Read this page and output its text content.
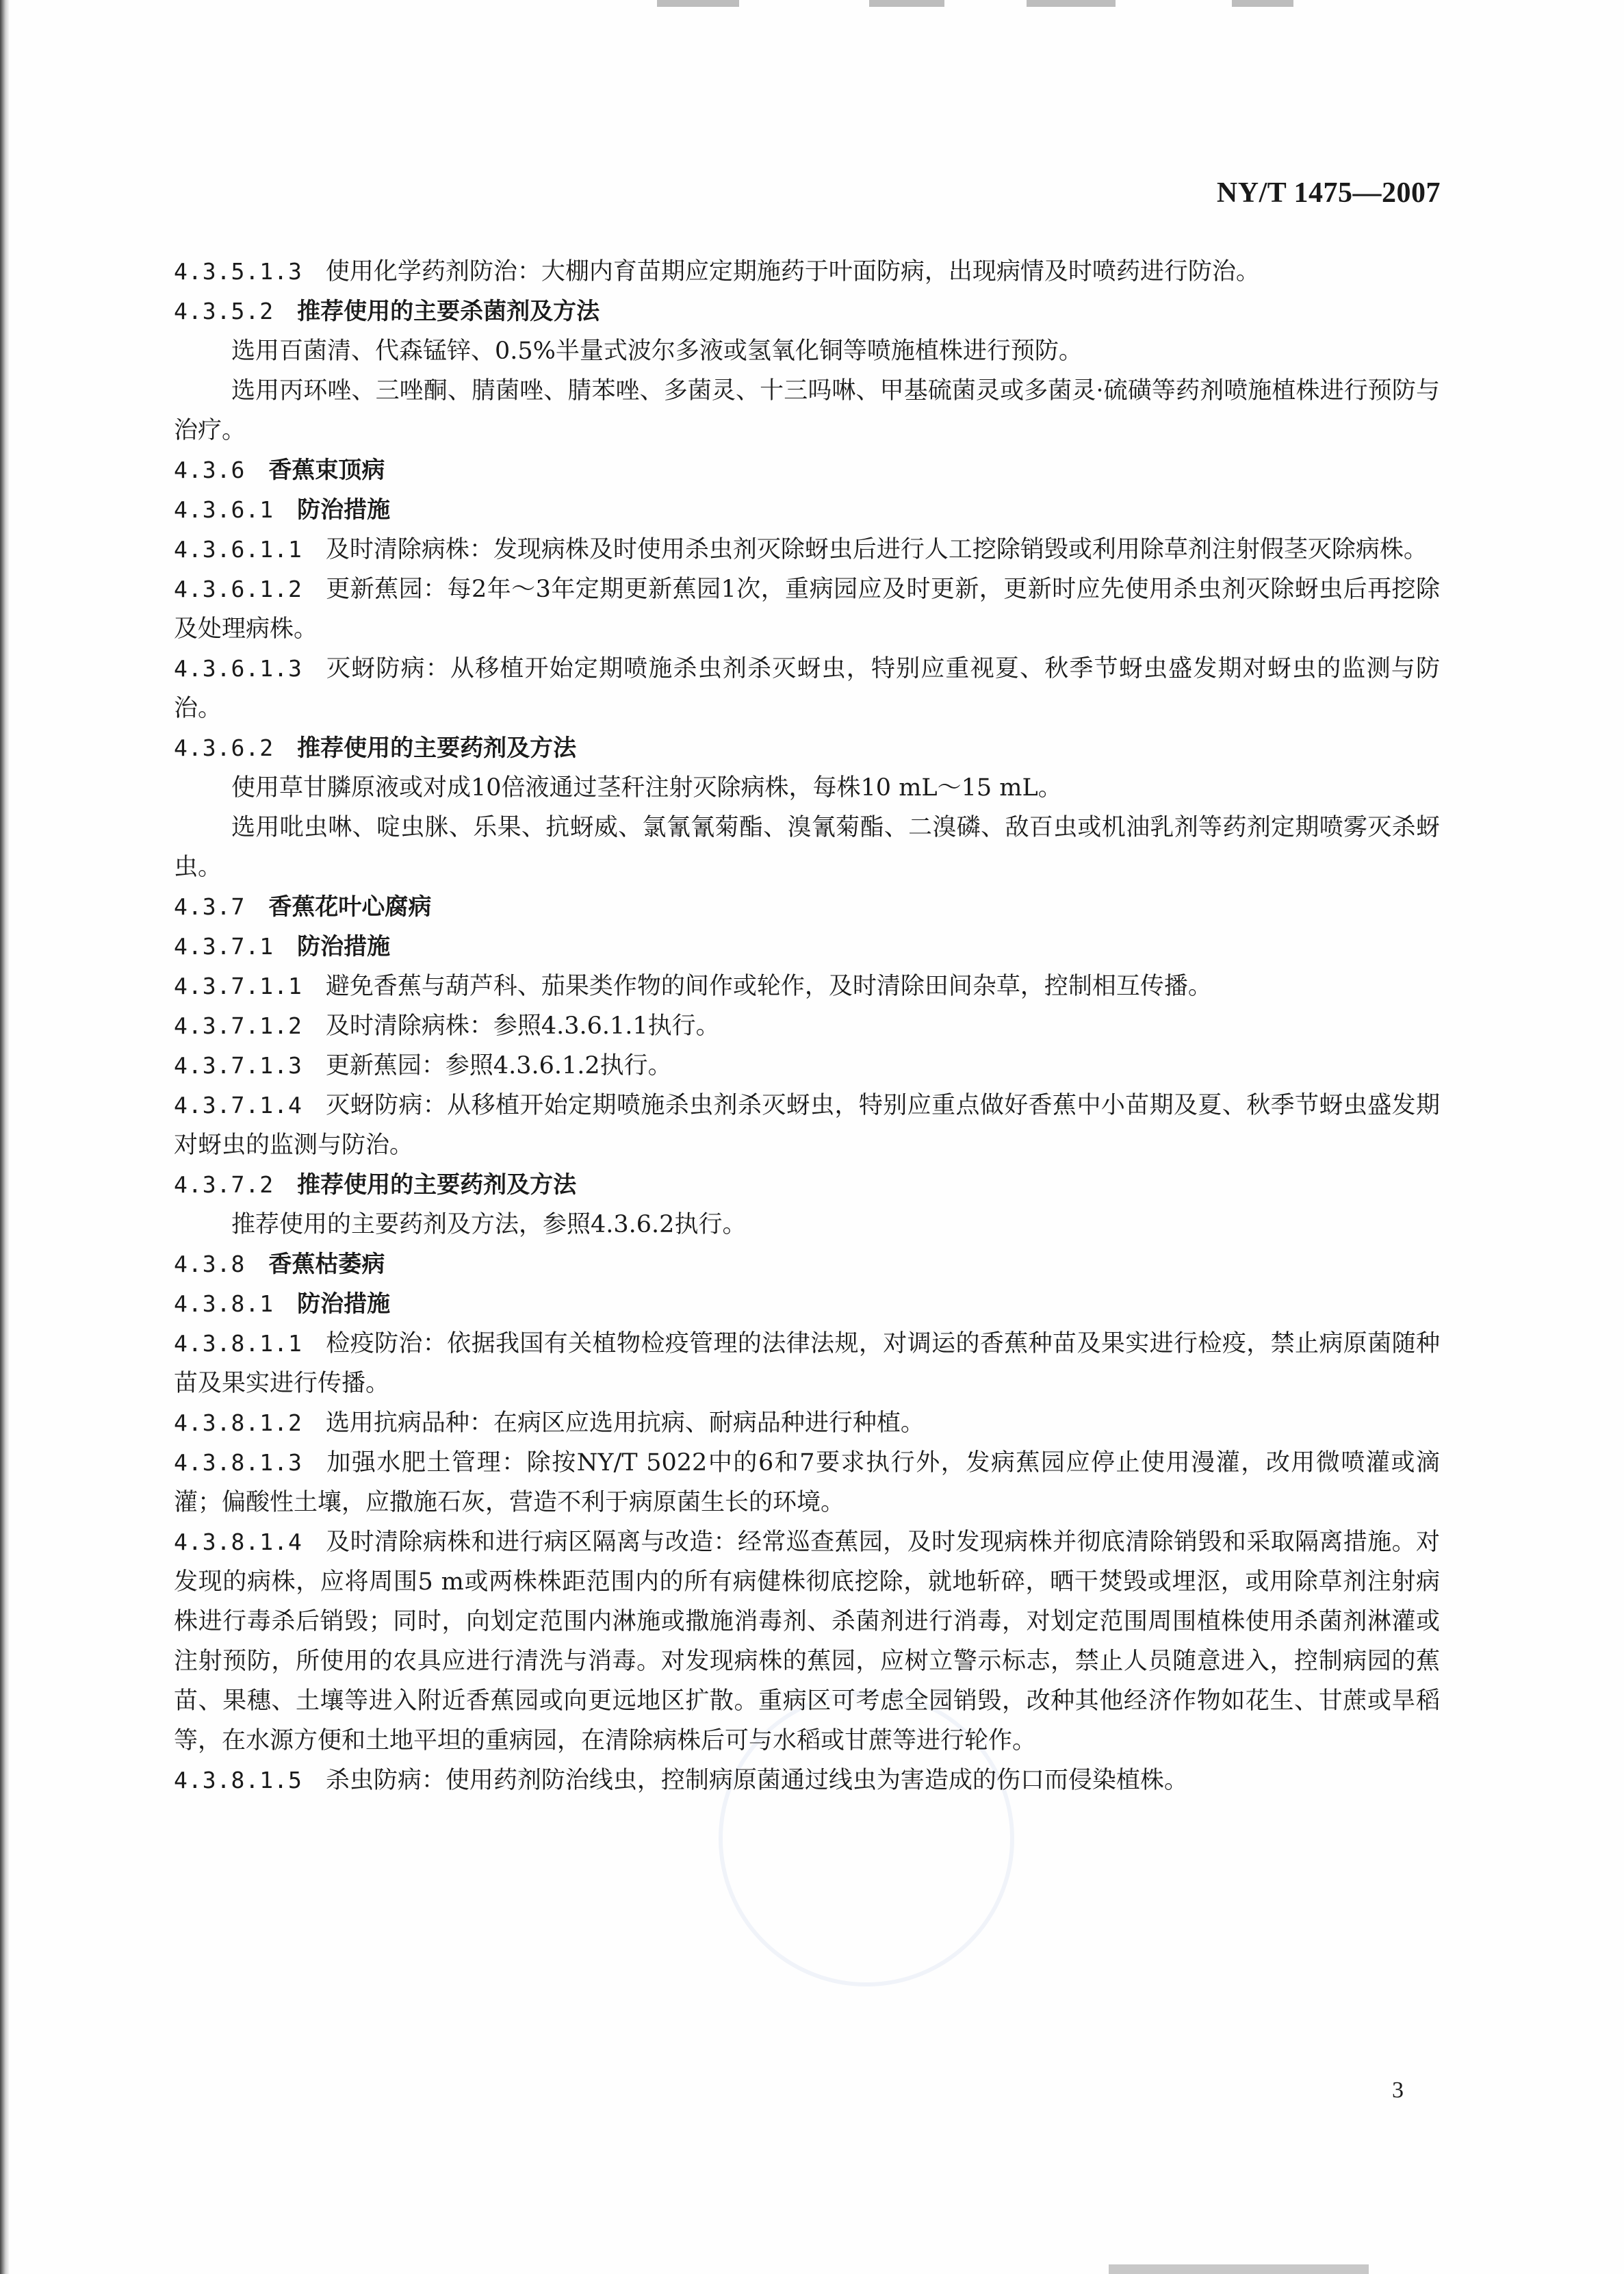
NY/T 1475—2007

4.3.5.1.3 使用化学药剂防治：大棚内育苗期应定期施药于叶面防病，出现病情及时喷药进行防治。

4.3.5.2 推荐使用的主要杀菌剂及方法

选用百菌清、代森锰锌、0.5%半量式波尔多液或氢氧化铜等喷施植株进行预防。

选用丙环唑、三唑酮、腈菌唑、腈苯唑、多菌灵、十三吗啉、甲基硫菌灵或多菌灵·硫磺等药剂喷施植株进行预防与治疗。

4.3.6 香蕉束顶病

4.3.6.1 防治措施

4.3.6.1.1 及时清除病株：发现病株及时使用杀虫剂灭除蚜虫后进行人工挖除销毁或利用除草剂注射假茎灭除病株。

4.3.6.1.2 更新蕉园：每2年～3年定期更新蕉园1次，重病园应及时更新，更新时应先使用杀虫剂灭除蚜虫后再挖除及处理病株。

4.3.6.1.3 灭蚜防病：从移植开始定期喷施杀虫剂杀灭蚜虫，特别应重视夏、秋季节蚜虫盛发期对蚜虫的监测与防治。

4.3.6.2 推荐使用的主要药剂及方法

使用草甘膦原液或对成10倍液通过茎秆注射灭除病株，每株10 mL～15 mL。

选用吡虫啉、啶虫脒、乐果、抗蚜威、氯氰氰菊酯、溴氰菊酯、二溴磷、敌百虫或机油乳剂等药剂定期喷雾灭杀蚜虫。

4.3.7 香蕉花叶心腐病

4.3.7.1 防治措施

4.3.7.1.1 避免香蕉与葫芦科、茄果类作物的间作或轮作，及时清除田间杂草，控制相互传播。

4.3.7.1.2 及时清除病株：参照4.3.6.1.1执行。

4.3.7.1.3 更新蕉园：参照4.3.6.1.2执行。

4.3.7.1.4 灭蚜防病：从移植开始定期喷施杀虫剂杀灭蚜虫，特别应重点做好香蕉中小苗期及夏、秋季节蚜虫盛发期对蚜虫的监测与防治。

4.3.7.2 推荐使用的主要药剂及方法

推荐使用的主要药剂及方法，参照4.3.6.2执行。

4.3.8 香蕉枯萎病

4.3.8.1 防治措施

4.3.8.1.1 检疫防治：依据我国有关植物检疫管理的法律法规，对调运的香蕉种苗及果实进行检疫，禁止病原菌随种苗及果实进行传播。

4.3.8.1.2 选用抗病品种：在病区应选用抗病、耐病品种进行种植。

4.3.8.1.3 加强水肥土管理：除按NY/T 5022中的6和7要求执行外，发病蕉园应停止使用漫灌，改用微喷灌或滴灌；偏酸性土壤，应撒施石灰，营造不利于病原菌生长的环境。

4.3.8.1.4 及时清除病株和进行病区隔离与改造：经常巡查蕉园，及时发现病株并彻底清除销毁和采取隔离措施。对发现的病株，应将周围5 m或两株株距范围内的所有病健株彻底挖除，就地斩碎，晒干焚毁或埋沤，或用除草剂注射病株进行毒杀后销毁；同时，向划定范围内淋施或撒施消毒剂、杀菌剂进行消毒，对划定范围周围植株使用杀菌剂淋灌或注射预防，所使用的农具应进行清洗与消毒。对发现病株的蕉园，应树立警示标志，禁止人员随意进入，控制病园的蕉苗、果穗、土壤等进入附近香蕉园或向更远地区扩散。重病区可考虑全园销毁，改种其他经济作物如花生、甘蔗或旱稻等，在水源方便和土地平坦的重病园，在清除病株后可与水稻或甘蔗等进行轮作。

4.3.8.1.5 杀虫防病：使用药剂防治线虫，控制病原菌通过线虫为害造成的伤口而侵染植株。

3
